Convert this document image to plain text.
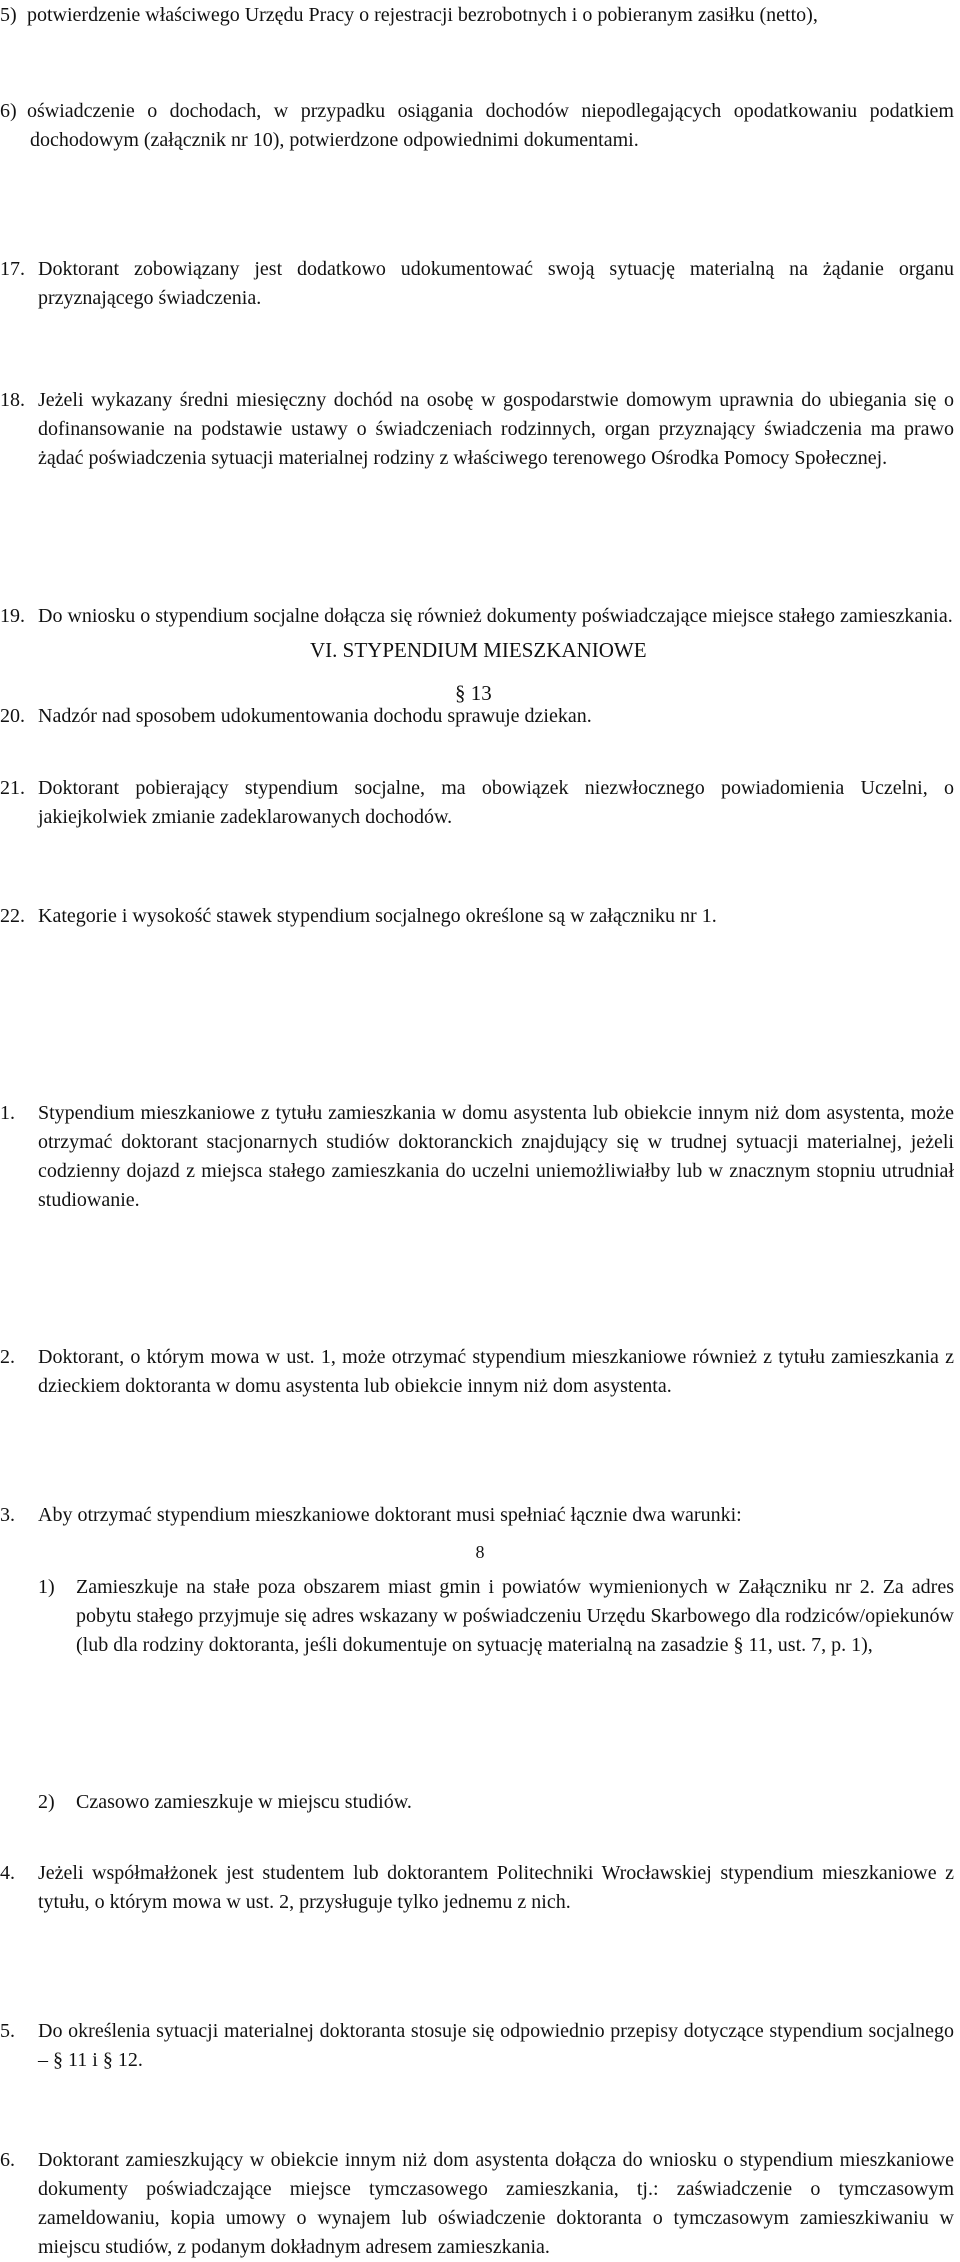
5) potwierdzenie właściwego Urzędu Pracy o rejestracji bezrobotnych i o pobieranym zasiłku (netto),
6) oświadczenie o dochodach, w przypadku osiągania dochodów niepodlegających opodatkowaniu podatkiem dochodowym (załącznik nr 10), potwierdzone odpowiednimi dokumentami.
17. Doktorant zobowiązany jest dodatkowo udokumentować swoją sytuację materialną na żądanie organu przyznającego świadczenia.
18. Jeżeli wykazany średni miesięczny dochód na osobę w gospodarstwie domowym uprawnia do ubiegania się o dofinansowanie na podstawie ustawy o świadczeniach rodzinnych, organ przyznający świadczenia ma prawo żądać poświadczenia sytuacji materialnej rodziny z właściwego terenowego Ośrodka Pomocy Społecznej.
19. Do wniosku o stypendium socjalne dołącza się również dokumenty poświadczające miejsce stałego zamieszkania.
20. Nadzór nad sposobem udokumentowania dochodu sprawuje dziekan.
21. Doktorant pobierający stypendium socjalne, ma obowiązek niezwłocznego powiadomienia Uczelni, o jakiejkolwiek zmianie zadeklarowanych dochodów.
22. Kategorie i wysokość stawek stypendium socjalnego określone są w załączniku nr 1.
VI. STYPENDIUM MIESZKANIOWE
§ 13
1. Stypendium mieszkaniowe z tytułu zamieszkania w domu asystenta lub obiekcie innym niż dom asystenta, może otrzymać doktorant stacjonarnych studiów doktoranckich znajdujący się w trudnej sytuacji materialnej, jeżeli codzienny dojazd z miejsca stałego zamieszkania do uczelni uniemożliwiałby lub w znacznym stopniu utrudniał studiowanie.
2. Doktorant, o którym mowa w ust. 1, może otrzymać stypendium mieszkaniowe również z tytułu zamieszkania z dzieckiem doktoranta w domu asystenta lub obiekcie innym niż dom asystenta.
3. Aby otrzymać stypendium mieszkaniowe doktorant musi spełniać łącznie dwa warunki:
1) Zamieszkuje na stałe poza obszarem miast gmin i powiatów wymienionych w Załączniku nr 2. Za adres pobytu stałego przyjmuje się adres wskazany w poświadczeniu Urzędu Skarbowego dla rodziców/opiekunów (lub dla rodziny doktoranta, jeśli dokumentuje on sytuację materialną na zasadzie § 11, ust. 7, p. 1),
2) Czasowo zamieszkuje w miejscu studiów.
4. Jeżeli współmałżonek jest studentem lub doktorantem Politechniki Wrocławskiej stypendium mieszkaniowe z tytułu, o którym mowa w ust. 2, przysługuje tylko jednemu z nich.
5. Do określenia sytuacji materialnej doktoranta stosuje się odpowiednio przepisy dotyczące stypendium socjalnego – § 11 i § 12.
6. Doktorant zamieszkujący w obiekcie innym niż dom asystenta dołącza do wniosku o stypendium mieszkaniowe dokumenty poświadczające miejsce tymczasowego zamieszkania, tj.: zaświadczenie o tymczasowym zameldowaniu, kopia umowy o wynajem lub oświadczenie doktoranta o tymczasowym zamieszkiwaniu w miejscu studiów, z podanym dokładnym adresem zamieszkania.
8
